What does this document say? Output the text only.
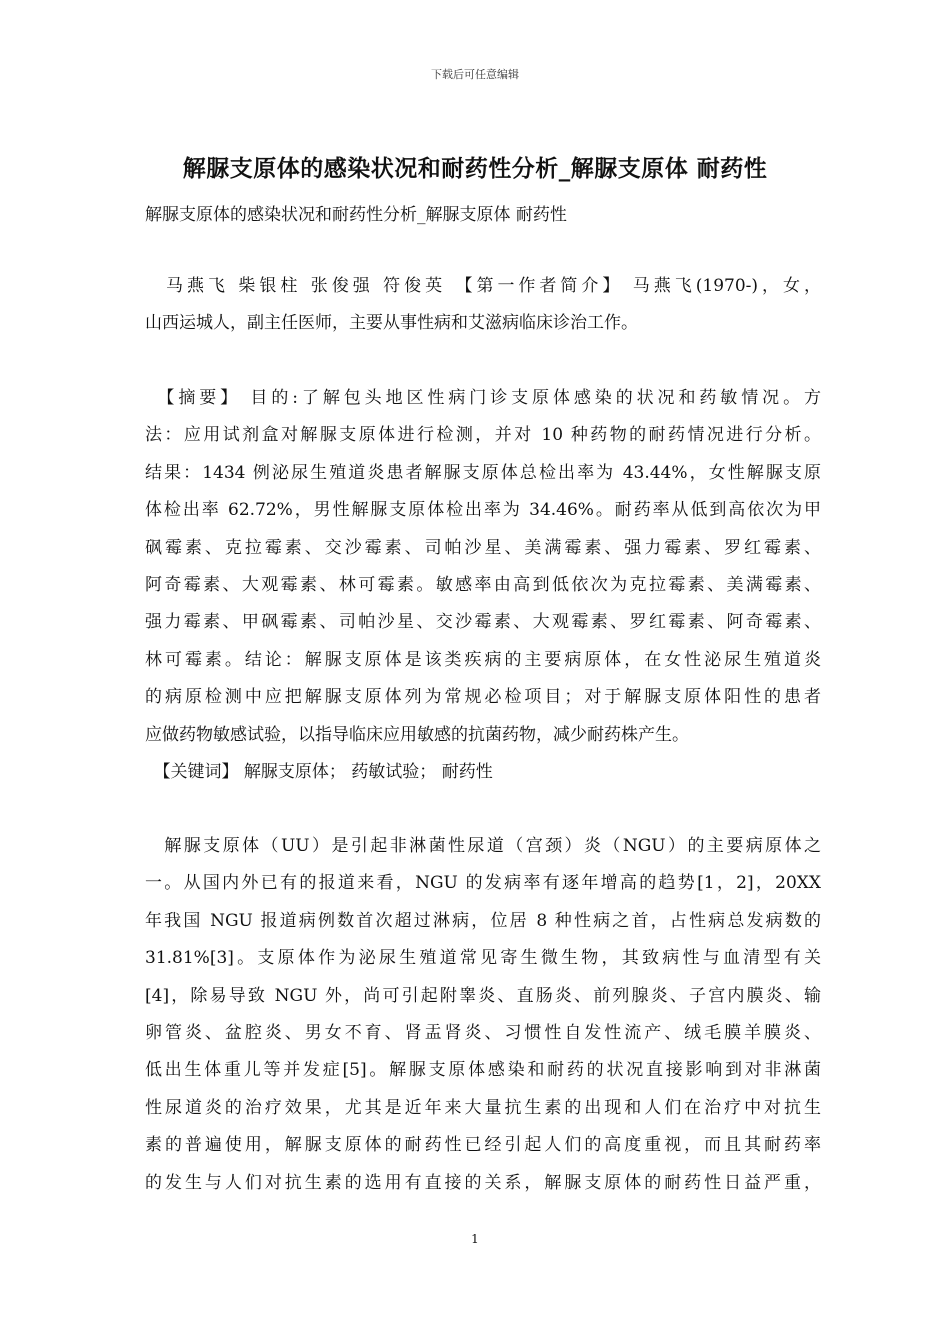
下载后可任意编辑
解脲支原体的感染状况和耐药性分析_解脲支原体 耐药性
解脲支原体的感染状况和耐药性分析_解脲支原体 耐药性
　马燕飞 柴银柱 张俊强 符俊英 【第一作者简介】 马燕飞(1970-)，女，
山西运城人，副主任医师，主要从事性病和艾滋病临床诊治工作。
　【摘要】 目的:了解包头地区性病门诊支原体感染的状况和药敏情况。方
法：应用试剂盒对解脲支原体进行检测，并对 10 种药物的耐药情况进行分析。
结果：1434 例泌尿生殖道炎患者解脲支原体总检出率为 43.44%，女性解脲支原
体检出率 62.72%，男性解脲支原体检出率为 34.46%。耐药率从低到高依次为甲
砜霉素、克拉霉素、交沙霉素、司帕沙星、美满霉素、强力霉素、罗红霉素、
阿奇霉素、大观霉素、林可霉素。敏感率由高到低依次为克拉霉素、美满霉素、
强力霉素、甲砜霉素、司帕沙星、交沙霉素、大观霉素、罗红霉素、阿奇霉素、
林可霉素。结论：解脲支原体是该类疾病的主要病原体，在女性泌尿生殖道炎
的病原检测中应把解脲支原体列为常规必检项目；对于解脲支原体阳性的患者
应做药物敏感试验，以指导临床应用敏感的抗菌药物，减少耐药株产生。
　【关键词】 解脲支原体； 药敏试验； 耐药性
　解脲支原体（UU）是引起非淋菌性尿道（宫颈）炎（NGU）的主要病原体之
一。从国内外已有的报道来看，NGU 的发病率有逐年增高的趋势[1，2]，20XX
年我国 NGU 报道病例数首次超过淋病，位居 8 种性病之首，占性病总发病数的
31.81%[3]。支原体作为泌尿生殖道常见寄生微生物，其致病性与血清型有关
[4]，除易导致 NGU 外，尚可引起附睾炎、直肠炎、前列腺炎、子宫内膜炎、输
卵管炎、盆腔炎、男女不育、肾盂肾炎、习惯性自发性流产、绒毛膜羊膜炎、
低出生体重儿等并发症[5]。解脲支原体感染和耐药的状况直接影响到对非淋菌
性尿道炎的治疗效果，尤其是近年来大量抗生素的出现和人们在治疗中对抗生
素的普遍使用，解脲支原体的耐药性已经引起人们的高度重视，而且其耐药率
的发生与人们对抗生素的选用有直接的关系，解脲支原体的耐药性日益严重，
1
